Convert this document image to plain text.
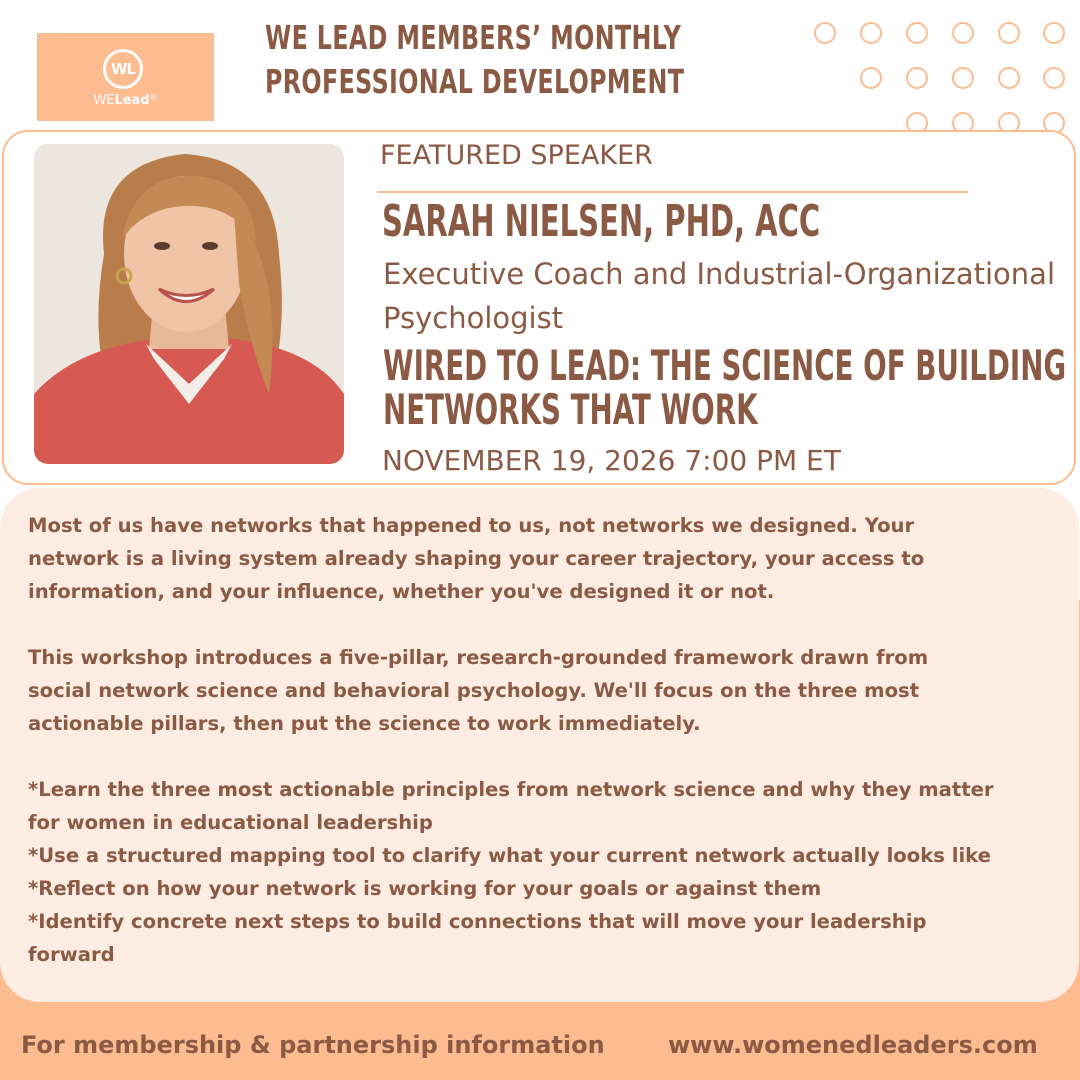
WL
WELead®
WE LEAD MEMBERS’ MONTHLY
PROFESSIONAL DEVELOPMENT
FEATURED SPEAKER
SARAH NIELSEN, PHD, ACC
Executive Coach and Industrial-Organizational
Psychologist
WIRED TO LEAD: THE SCIENCE OF BUILDING
NETWORKS THAT WORK
NOVEMBER 19, 2026 7:00 PM ET

Most of us have networks that happened to us, not networks we designed. Your

network is a living system already shaping your career trajectory, your access to

information, and your influence, whether you've designed it or not.

This workshop introduces a five-pillar, research-grounded framework drawn from

social network science and behavioral psychology. We'll focus on the three most

actionable pillars, then put the science to work immediately.

*Learn the three most actionable principles from network science and why they matter

for women in educational leadership

*Use a structured mapping tool to clarify what your current network actually looks like

*Reflect on how your network is working for your goals or against them

*Identify concrete next steps to build connections that will move your leadership

forward

For membership & partnership information	www.womenedleaders.com
